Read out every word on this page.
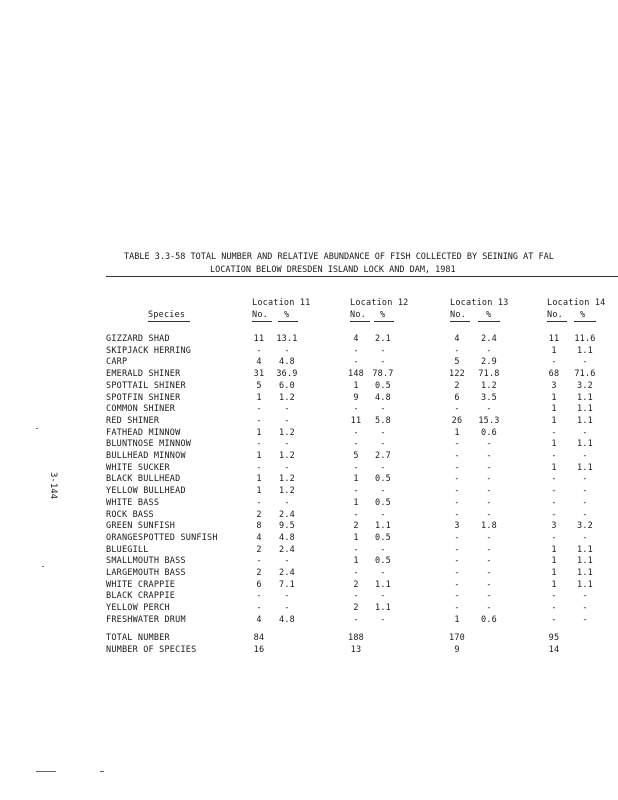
TABLE 3.3-58 TOTAL NUMBER AND RELATIVE ABUNDANCE OF FISH COLLECTED BY SEINING AT FAL
LOCATION BELOW DRESDEN ISLAND LOCK AND DAM, 1981
3-144
Location 11	Location 12	Location 13	Location 14
Species	No. %	No. %	No. %	No. %
GIZZARD SHAD	11	13.1	4	2.1	4	2.4	11	11.6
SKIPJACK HERRING	-	-	-	-	-	-	1	1.1
CARP	4	4.8	-	-	5	2.9	-	-
EMERALD SHINER	31	36.9	148 78.7	122	71.8	68	71.6
SPOTTAIL SHINER	5	6.0	1	0.5	2	1.2	3	3.2
SPOTFIN SHINER	1	1.2	9	4.8	6	3.5	1	1.1
COMMON SHINER	-	-	-	-	-	-	1	1.1
RED SHINER	-	-	11	5.8	26	15.3	1	1.1
FATHEAD MINNOW	1	1.2	-	-	1	0.6	-	-
BLUNTNOSE MINNOW	-	-	-	-	-	-	1	1.1
BULLHEAD MINNOW	1	1.2	5	2.7	-	-	-	-
WHITE SUCKER	-	-	-	-	-	-	1	1.1
BLACK BULLHEAD	1	1.2	1	0.5	-	-	-	-
YELLOW BULLHEAD	1	1.2	-	-	-	-	-	-
WHITE BASS	-	-	1	0.5	-	-	-	-
ROCK BASS	2	2.4	-	-	-	-	-	-
GREEN SUNFISH	8	9.5	2	1.1	3	1.8	3	3.2
ORANGESPOTTED SUNFISH	4	4.8	1	0.5	-	-	-	-
BLUEGILL	2	2.4	-	-	-	-	1	1.1
SMALLMOUTH BASS	-	-	1	0.5	-	-	1	1.1
LARGEMOUTH BASS	2	2.4	-	-	-	-	1	1.1
WHITE CRAPPIE	6	7.1	2	1.1	-	-	1	1.1
BLACK CRAPPIE	-	-	-	-	-	-	-	-
YELLOW PERCH	-	-	2	1.1	-	-	-	-
FRESHWATER DRUM	4	4.8	-	-	1	0.6	-	-
TOTAL NUMBER	84	188	170	95
NUMBER OF SPECIES	16	13	9	14
